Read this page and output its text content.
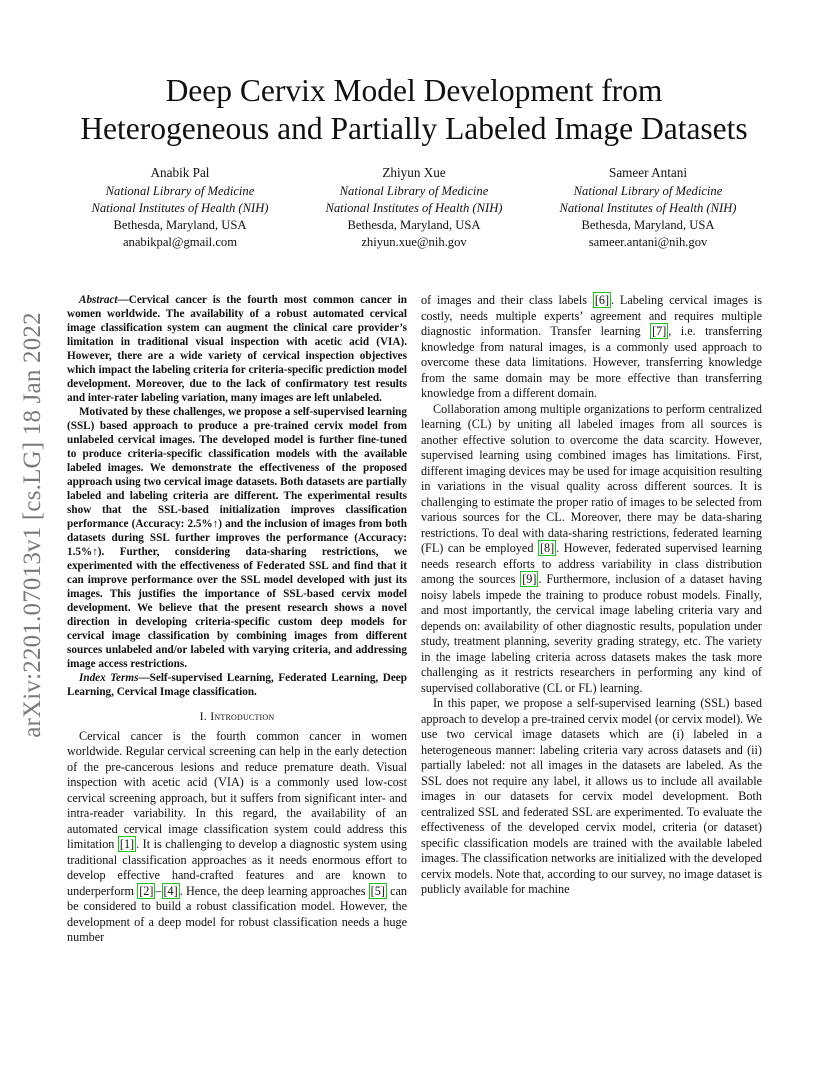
arXiv:2201.07013v1 [cs.LG] 18 Jan 2022
Deep Cervix Model Development from
Heterogeneous and Partially Labeled Image Datasets
Anabik Pal
National Library of Medicine
National Institutes of Health (NIH)
Bethesda, Maryland, USA
anabikpal@gmail.com
Zhiyun Xue
National Library of Medicine
National Institutes of Health (NIH)
Bethesda, Maryland, USA
zhiyun.xue@nih.gov
Sameer Antani
National Library of Medicine
National Institutes of Health (NIH)
Bethesda, Maryland, USA
sameer.antani@nih.gov

Abstract—Cervical cancer is the fourth most common cancer in women worldwide. The availability of a robust automated cervical image classification system can augment the clinical care provider’s limitation in traditional visual inspection with acetic acid (VIA). However, there are a wide variety of cervical inspection objectives which impact the labeling criteria for criteria-specific prediction model development. Moreover, due to the lack of confirmatory test results and inter-rater labeling variation, many images are left unlabeled.

Motivated by these challenges, we propose a self-supervised learning (SSL) based approach to produce a pre-trained cervix model from unlabeled cervical images. The developed model is further fine-tuned to produce criteria-specific classification models with the available labeled images. We demonstrate the effectiveness of the proposed approach using two cervical image datasets. Both datasets are partially labeled and labeling criteria are different. The experimental results show that the SSL-based initialization improves classification performance (Accuracy: 2.5%↑) and the inclusion of images from both datasets during SSL further improves the performance (Accuracy: 1.5%↑). Further, considering data-sharing restrictions, we experimented with the effectiveness of Federated SSL and find that it can improve performance over the SSL model developed with just its images. This justifies the importance of SSL-based cervix model development. We believe that the present research shows a novel direction in developing criteria-specific custom deep models for cervical image classification by combining images from different sources unlabeled and/or labeled with varying criteria, and addressing image access restrictions.

Index Terms—Self-supervised Learning, Federated Learning, Deep Learning, Cervical Image classification.

I. Introduction

Cervical cancer is the fourth common cancer in women worldwide. Regular cervical screening can help in the early detection of the pre-cancerous lesions and reduce premature death. Visual inspection with acetic acid (VIA) is a commonly used low-cost cervical screening approach, but it suffers from significant inter- and intra-reader variability. In this regard, the availability of an automated cervical image classification system could address this limitation [1] . It is challenging to develop a diagnostic system using traditional classification approaches as it needs enormous effort to develop effective hand-crafted features and are known to underperform [2] – [4] . Hence, the deep learning approaches [5] can be considered to build a robust classification model. However, the development of a deep model for robust classification needs a huge number

of images and their class labels [6] . Labeling cervical images is costly, needs multiple experts’ agreement and requires multiple diagnostic information. Transfer learning [7] , i.e. transferring knowledge from natural images, is a commonly used approach to overcome these data limitations. However, transferring knowledge from the same domain may be more effective than transferring knowledge from a different domain.

Collaboration among multiple organizations to perform centralized learning (CL) by uniting all labeled images from all sources is another effective solution to overcome the data scarcity. However, supervised learning using combined images has limitations. First, different imaging devices may be used for image acquisition resulting in variations in the visual quality across different sources. It is challenging to estimate the proper ratio of images to be selected from various sources for the CL. Moreover, there may be data-sharing restrictions. To deal with data-sharing restrictions, federated learning (FL) can be employed [8] . However, federated supervised learning needs research efforts to address variability in class distribution among the sources [9] . Furthermore, inclusion of a dataset having noisy labels impede the training to produce robust models. Finally, and most importantly, the cervical image labeling criteria vary and depends on: availability of other diagnostic results, population under study, treatment planning, severity grading strategy, etc. The variety in the image labeling criteria across datasets makes the task more challenging as it restricts researchers in performing any kind of supervised collaborative (CL or FL) learning.

In this paper, we propose a self-supervised learning (SSL) based approach to develop a pre-trained cervix model (or cervix model). We use two cervical image datasets which are (i) labeled in a heterogeneous manner: labeling criteria vary across datasets and (ii) partially labeled: not all images in the datasets are labeled. As the SSL does not require any label, it allows us to include all available images in our datasets for cervix model development. Both centralized SSL and federated SSL are experimented. To evaluate the effectiveness of the developed cervix model, criteria (or dataset) specific classification models are trained with the available labeled images. The classification networks are initialized with the developed cervix models. Note that, according to our survey, no image dataset is publicly available for machine
